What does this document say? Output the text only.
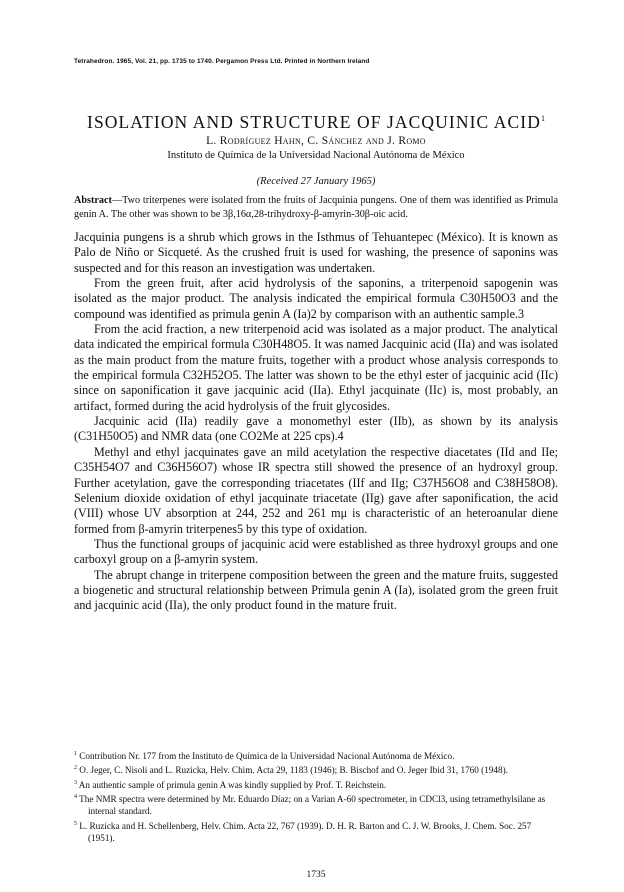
Tetrahedron. 1965, Vol. 21, pp. 1735 to 1740. Pergamon Press Ltd. Printed in Northern Ireland
ISOLATION AND STRUCTURE OF JACQUINIC ACID$^1$
L. Rodríguez Hahn, C. Sánchez and J. Romo
Instituto de Química de la Universidad Nacional Autónoma de México
(Received 27 January 1965)
Abstract—Two triterpenes were isolated from the fruits of Jacquinia pungens. One of them was identified as Primula genin A. The other was shown to be 3β,16α,28-trihydroxy-β-amyrin-30β-oic acid.

Jacquinia pungens is a shrub which grows in the Isthmus of Tehuantepec (México). It is known as Palo de Niño or Sicqueté. As the crushed fruit is used for washing, the presence of saponins was suspected and for this reason an investigation was undertaken.

From the green fruit, after acid hydrolysis of the saponins, a triterpenoid sapogenin was isolated as the major product. The analysis indicated the empirical formula C30H50O3 and the compound was identified as primula genin A (Ia)2 by comparison with an authentic sample.3

From the acid fraction, a new triterpenoid acid was isolated as a major product. The analytical data indicated the empirical formula C30H48O5. It was named Jacquinic acid (IIa) and was isolated as the main product from the mature fruits, together with a product whose analysis corresponds to the empirical formula C32H52O5. The latter was shown to be the ethyl ester of jacquinic acid (IIc) since on saponification it gave jacquinic acid (IIa). Ethyl jacquinate (IIc) is, most probably, an artifact, formed during the acid hydrolysis of the fruit glycosides.

Jacquinic acid (IIa) readily gave a monomethyl ester (IIb), as shown by its analysis (C31H50O5) and NMR data (one CO2Me at 225 cps).4

Methyl and ethyl jacquinates gave an mild acetylation the respective diacetates (IId and IIe; C35H54O7 and C36H56O7) whose IR spectra still showed the presence of an hydroxyl group. Further acetylation, gave the corresponding triacetates (IIf and IIg; C37H56O8 and C38H58O8). Selenium dioxide oxidation of ethyl jacquinate triacetate (IIg) gave after saponification, the acid (VIII) whose UV absorption at 244, 252 and 261 mμ is characteristic of an heteroanular diene formed from β-amyrin triterpenes5 by this type of oxidation.

Thus the functional groups of jacquinic acid were established as three hydroxyl groups and one carboxyl group on a β-amyrin system.

The abrupt change in triterpene composition between the green and the mature fruits, suggested a biogenetic and structural relationship between Primula genin A (Ia), isolated grom the green fruit and jacquinic acid (IIa), the only product found in the mature fruit.

$^1$ Contribution Nr. 177 from the Instituto de Química de la Universidad Nacional Autónoma de México.

$^2$ O. Jeger, C. Nisoli and L. Ruzicka, Helv. Chim. Acta 29, 1183 (1946); B. Bischof and O. Jeger Ibid 31, 1760 (1948).

$^3$ An authentic sample of primula genin A was kindly supplied by Prof. T. Reichstein.

$^4$ The NMR spectra were determined by Mr. Eduardo Díaz; on a Varian A-60 spectrometer, in CDCl3, using tetramethylsilane as internal standard.

$^5$ L. Ruzicka and H. Schellenberg, Helv. Chim. Acta 22, 767 (1939). D. H. R. Barton and C. J. W. Brooks, J. Chem. Soc. 257 (1951).

1735
